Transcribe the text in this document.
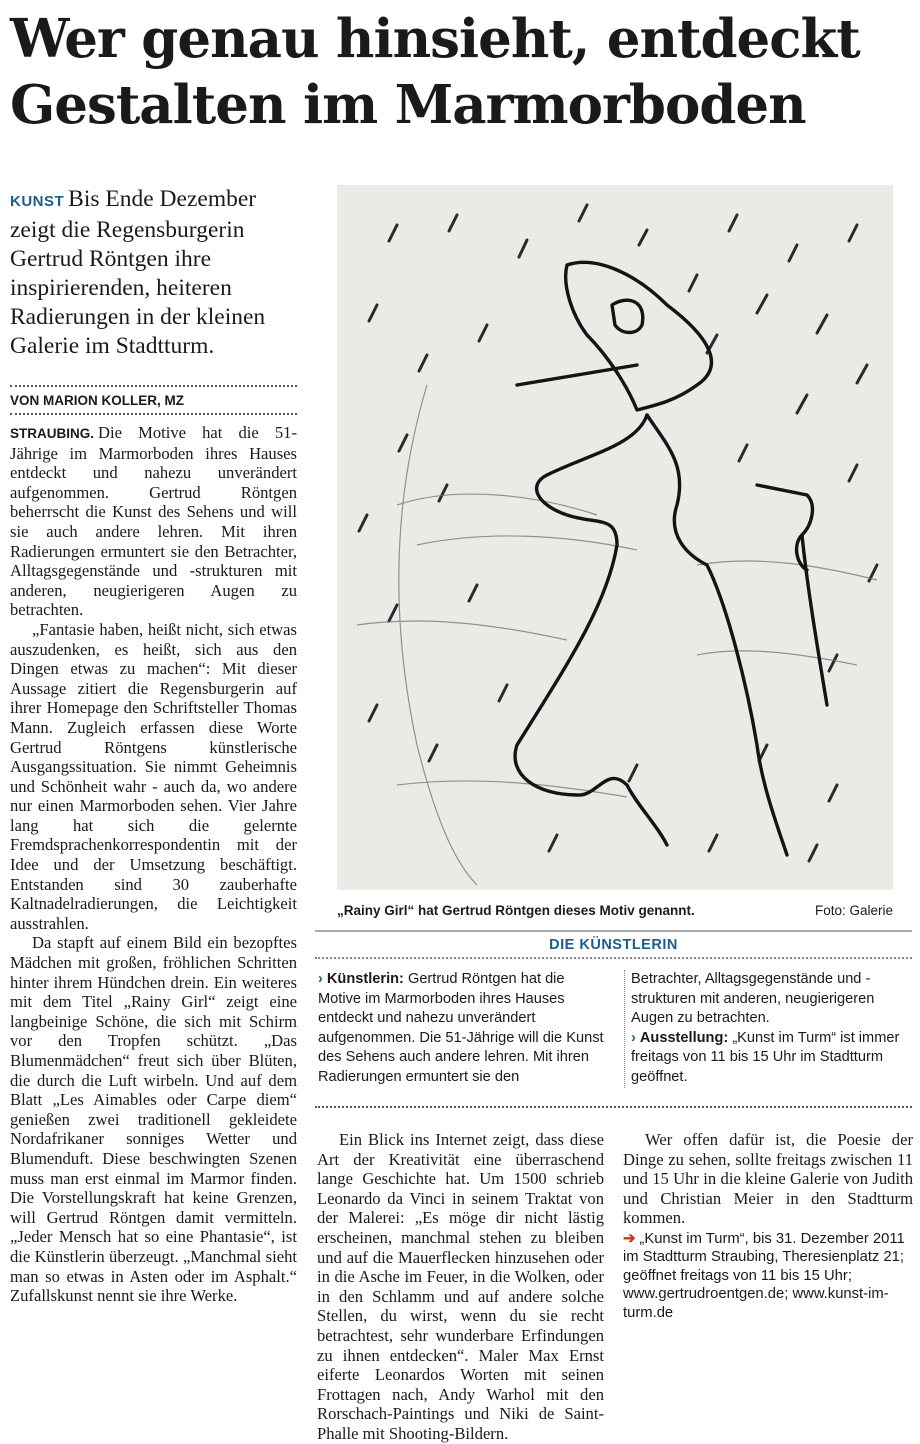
Wer genau hinsieht, entdeckt Gestalten im Marmorboden

KUNST Bis Ende Dezember zeigt die Regensburgerin Gertrud Röntgen ihre inspirierenden, heiteren Radierungen in der kleinen Galerie im Stadtturm.

VON MARION KOLLER, MZ

STRAUBING. Die Motive hat die 51-Jährige im Marmorboden ihres Hauses entdeckt und nahezu unverändert aufgenommen. Gertrud Röntgen beherrscht die Kunst des Sehens und will sie auch andere lehren. Mit ihren Radierungen ermuntert sie den Betrachter, Alltagsgegenstände und -strukturen mit anderen, neugierigeren Augen zu betrachten.

„Fantasie haben, heißt nicht, sich etwas auszudenken, es heißt, sich aus den Dingen etwas zu machen“: Mit dieser Aussage zitiert die Regensburgerin auf ihrer Homepage den Schriftsteller Thomas Mann. Zugleich erfassen diese Worte Gertrud Röntgens künstlerische Ausgangssituation. Sie nimmt Geheimnis und Schönheit wahr - auch da, wo andere nur einen Marmorboden sehen. Vier Jahre lang hat sich die gelernte Fremdsprachenkorrespondentin mit der Idee und der Umsetzung beschäftigt. Entstanden sind 30 zauberhafte Kaltnadelradierungen, die Leichtigkeit ausstrahlen.

Da stapft auf einem Bild ein bezopftes Mädchen mit großen, fröhlichen Schritten hinter ihrem Hündchen drein. Ein weiteres mit dem Titel „Rainy Girl“ zeigt eine langbeinige Schöne, die sich mit Schirm vor den Tropfen schützt. „Das Blumenmädchen“ freut sich über Blüten, die durch die Luft wirbeln. Und auf dem Blatt „Les Aimables oder Carpe diem“ genießen zwei traditionell gekleidete Nordafrikaner sonniges Wetter und Blumenduft. Diese beschwingten Szenen muss man erst einmal im Marmor finden. Die Vorstellungskraft hat keine Grenzen, will Gertrud Röntgen damit vermitteln. „Jeder Mensch hat so eine Phantasie“, ist die Künstlerin überzeugt. „Manchmal sieht man so etwas in Asten oder im Asphalt.“ Zufallskunst nennt sie ihre Werke.

„Rainy Girl“ hat Gertrud Röntgen dieses Motiv genannt.	Foto: Galerie
DIE KÜNSTLERIN

› Künstlerin: Gertrud Röntgen hat die Motive im Marmorboden ihres Hauses entdeckt und nahezu unverändert aufgenommen. Die 51-Jährige will die Kunst des Sehens auch andere lehren. Mit ihren Radierungen ermuntert sie den

Betrachter, Alltagsgegenstände und -strukturen mit anderen, neugierigeren Augen zu betrachten.

› Ausstellung: „Kunst im Turm“ ist immer freitags von 11 bis 15 Uhr im Stadtturm geöffnet.

Ein Blick ins Internet zeigt, dass diese Art der Kreativität eine überraschend lange Geschichte hat. Um 1500 schrieb Leonardo da Vinci in seinem Traktat von der Malerei: „Es möge dir nicht lästig erscheinen, manchmal stehen zu bleiben und auf die Mauerflecken hinzusehen oder in die Asche im Feuer, in die Wolken, oder in den Schlamm und auf andere solche Stellen, du wirst, wenn du sie recht betrachtest, sehr wunderbare Erfindungen zu ihnen entdecken“. Maler Max Ernst eiferte Leonardos Worten mit seinen Frottagen nach, Andy Warhol mit den Rorschach-Paintings und Niki de Saint-Phalle mit Shooting-Bildern.

Wer offen dafür ist, die Poesie der Dinge zu sehen, sollte freitags zwischen 11 und 15 Uhr in die kleine Galerie von Judith und Christian Meier in den Stadtturm kommen.

➔ „Kunst im Turm“, bis 31. Dezember 2011 im Stadtturm Straubing, Theresienplatz 21; geöffnet freitags von 11 bis 15 Uhr; www.gertrudroentgen.de; www.kunst-im-turm.de
